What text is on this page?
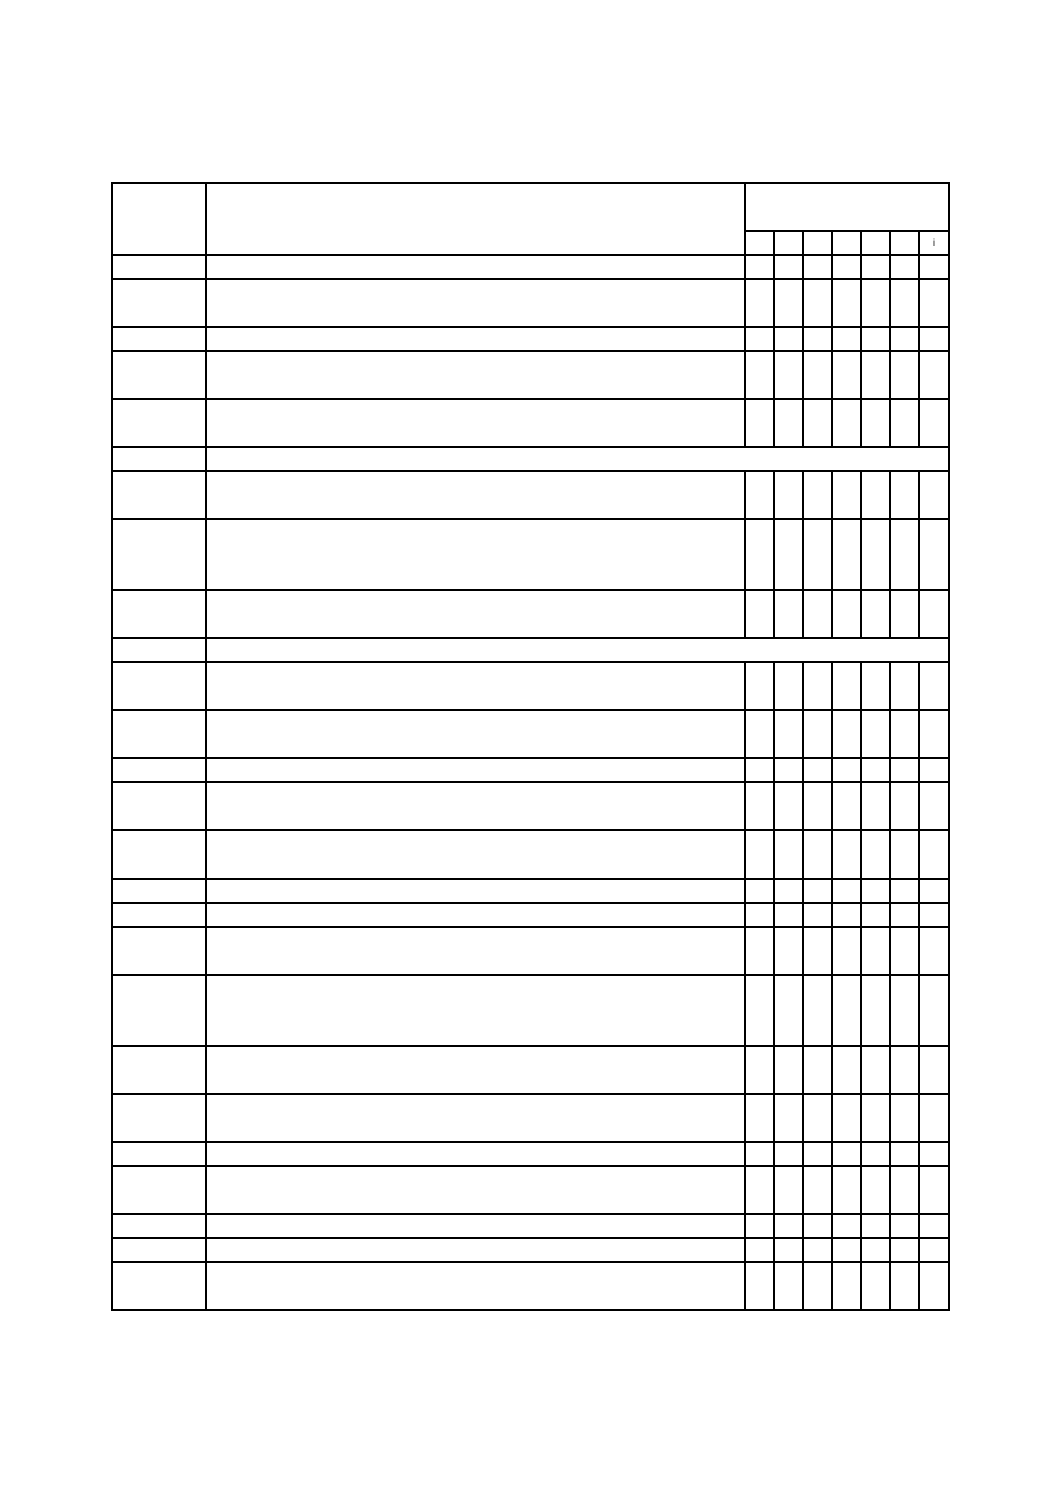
								i
